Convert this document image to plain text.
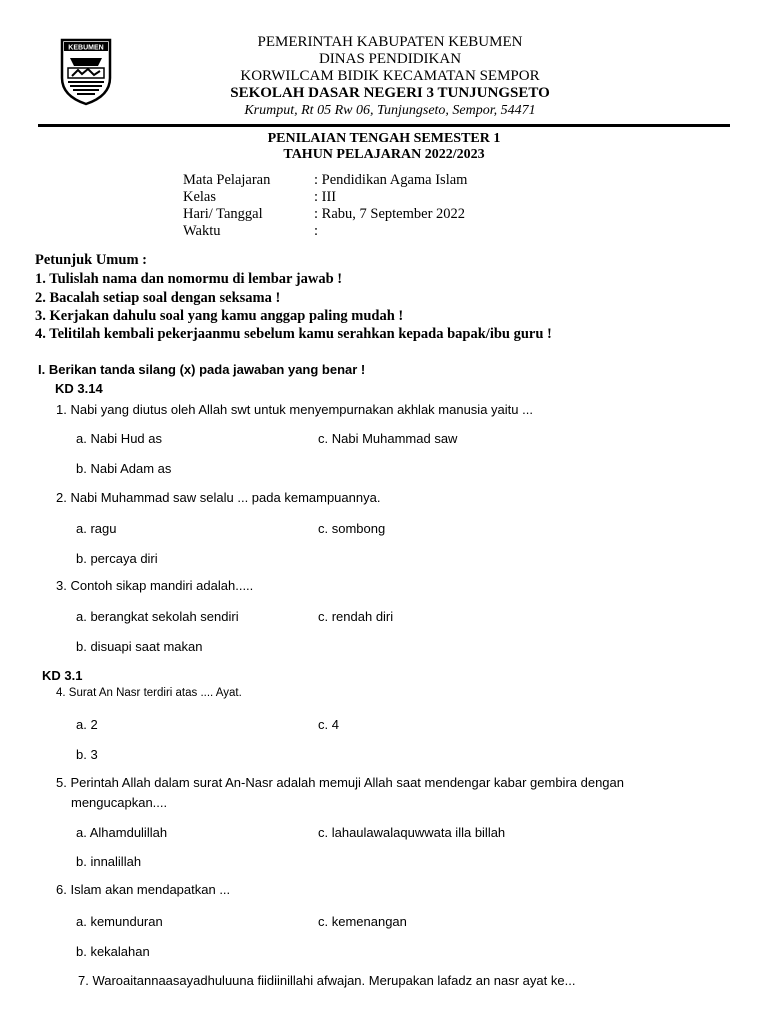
KEBUMEN	PEMERINTAH KABUPATEN KEBUMEN
DINAS PENDIDIKAN
KORWILCAM BIDIK KECAMATAN SEMPOR
SEKOLAH DASAR NEGERI 3 TUNJUNGSETO
Krumput, Rt 05 Rw 06, Tunjungseto, Sempor, 54471
PENILAIAN TENGAH SEMESTER 1
TAHUN PELAJARAN 2022/2023
Mata Pelajaran	: Pendidikan Agama Islam
Kelas	: III
Hari/ Tanggal	: Rabu, 7 September 2022
Waktu	:
Petunjuk Umum :
1. Tulislah nama dan nomormu di lembar jawab !
2. Bacalah setiap soal dengan seksama !
3. Kerjakan dahulu soal yang kamu anggap paling mudah !
4. Telitilah kembali pekerjaanmu sebelum kamu serahkan kepada bapak/ibu guru !
I. Berikan tanda silang (x) pada jawaban yang benar !
KD 3.14
1. Nabi yang diutus oleh Allah swt untuk menyempurnakan akhlak manusia yaitu ...
a. Nabi Hud as	c. Nabi Muhammad saw
b. Nabi Adam as
2. Nabi Muhammad saw selalu ... pada kemampuannya.
a. ragu	c. sombong
b. percaya diri
3. Contoh sikap mandiri adalah.....
a. berangkat sekolah sendiri	c. rendah diri
b. disuapi saat makan
KD 3.1
4. Surat An Nasr terdiri atas .... Ayat.
a. 2	c. 4
b. 3
5. Perintah Allah dalam surat An-Nasr adalah memuji Allah saat mendengar kabar gembira dengan
mengucapkan....
a. Alhamdulillah	c. lahaulawalaquwwata illa billah
b. innalillah
6. Islam akan mendapatkan ...
a. kemunduran	c. kemenangan
b. kekalahan
7. Waroaitannaasayadhuluuna fiidiinillahi afwajan. Merupakan lafadz an nasr ayat ke...
